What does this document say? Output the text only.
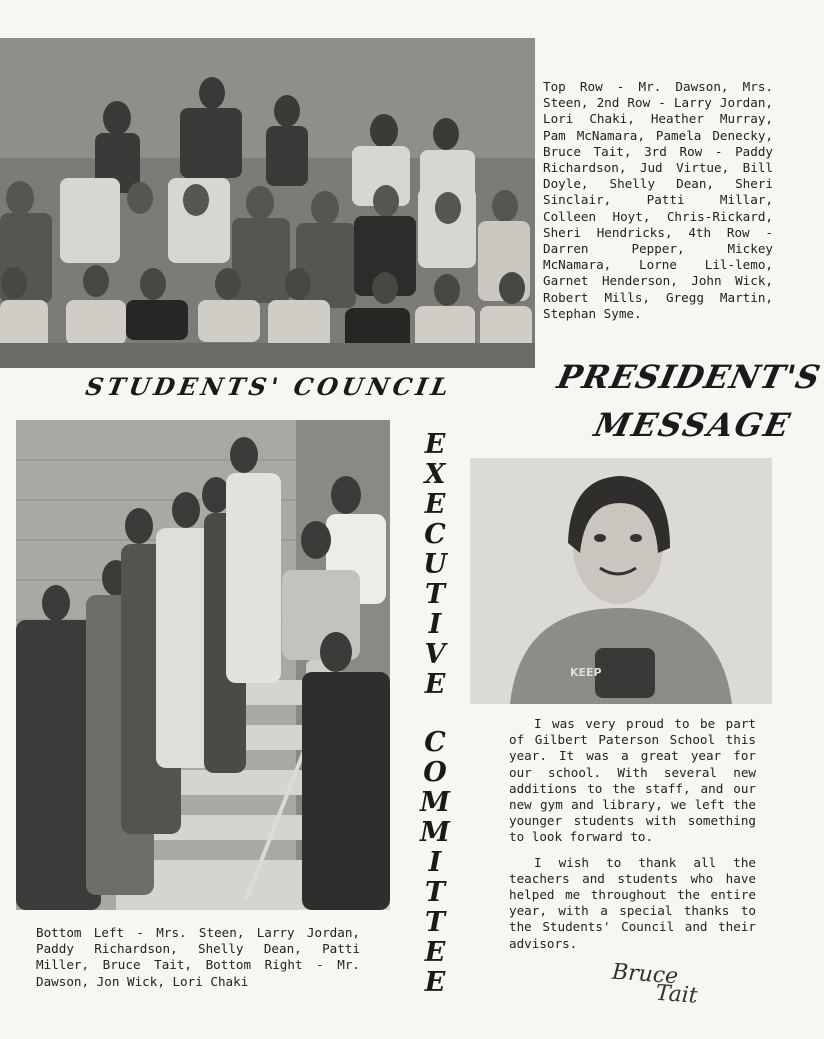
Top Row - Mr. Dawson, Mrs. Steen, 2nd Row - Larry Jordan, Lori Chaki, Heather Murray, Pam McNamara, Pamela Denecky, Bruce Tait, 3rd Row - Paddy Richardson, Jud Virtue, Bill Doyle, Shelly Dean, Sheri Sinclair, Patti Millar, Colleen Hoyt, Chris-Rickard, Sheri Hendricks, 4th Row - Darren Pepper, Mickey McNamara, Lorne Lil-lemo, Garnet Henderson, John Wick, Robert Mills, Gregg Martin, Stephan Syme.
STUDENTS' COUNCIL	PRESIDENT'S
MESSAGE
E
X
E
C
U
T
I
V
E
C
O
M
M
I
T
T
E
E
Bottom Left - Mrs. Steen, Larry Jordan, Paddy Richardson, Shelly Dean, Patti Miller, Bruce Tait, Bottom Right - Mr. Dawson, Jon Wick, Lori Chaki
KEEP

I was very proud to be part of Gilbert Paterson School this year. It was a great year for our school. With several new additions to the staff, and our new gym and library, we left the younger students with something to look forward to.

I wish to thank all the teachers and students who have helped me throughout the entire year, with a special thanks to the Students' Council and their advisors.

Bruce
Tait
